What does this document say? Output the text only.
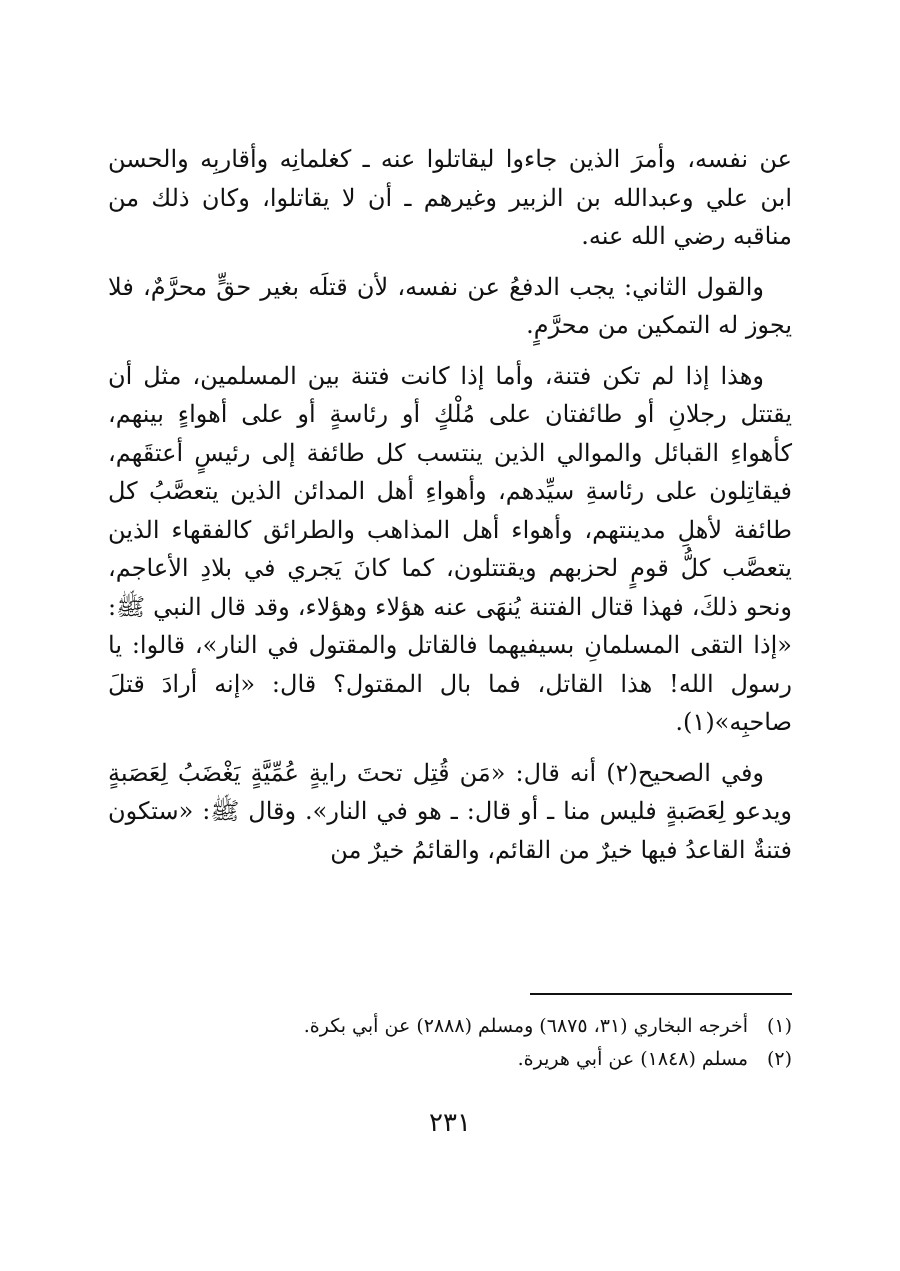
عن نفسه، وأمرَ الذين جاءوا ليقاتلوا عنه ـ كغلمانِه وأقاربِه والحسن ابن علي وعبدالله بن الزبير وغيرهم ـ أن لا يقاتلوا، وكان ذلك من مناقبه رضي الله عنه.

والقول الثاني: يجب الدفعُ عن نفسه، لأن قتلَه بغير حقٍّ محرَّمٌ، فلا يجوز له التمكين من محرَّمٍ.

وهذا إذا لم تكن فتنة، وأما إذا كانت فتنة بين المسلمين، مثل أن يقتتل رجلانِ أو طائفتان على مُلْكٍ أو رئاسةٍ أو على أهواءٍ بينهم، كأهواءِ القبائل والموالي الذين ينتسب كل طائفة إلى رئيسٍ أعتقَهم، فيقاتِلون على رئاسةِ سيِّدهم، وأهواءِ أهل المدائن الذين يتعصَّبُ كل طائفة لأهلِ مدينتهم، وأهواء أهل المذاهب والطرائق كالفقهاء الذين يتعصَّب كلُّ قومٍ لحزبهم ويقتتلون، كما كانَ يَجري في بلادِ الأعاجم، ونحو ذلكَ، فهذا قتال الفتنة يُنهَى عنه هؤلاء وهؤلاء، وقد قال النبي ﷺ: «إذا التقى المسلمانِ بسيفيهما فالقاتل والمقتول في النار»، قالوا: يا رسول الله! هذا القاتل، فما بال المقتول؟ قال: «إنه أرادَ قتلَ صاحبِه»(١).

وفي الصحيح(٢) أنه قال: «مَن قُتِل تحتَ رايةٍ عُمِّيَّةٍ يَغْضَبُ لِعَصَبةٍ ويدعو لِعَصَبةٍ فليس منا ـ أو قال: ـ هو في النار». وقال ﷺ: «ستكون فتنةٌ القاعدُ فيها خيرٌ من القائم، والقائمُ خيرٌ من

(١)أخرجه البخاري (٣١، ٦٨٧٥) ومسلم (٢٨٨٨) عن أبي بكرة.
(٢)مسلم (١٨٤٨) عن أبي هريرة.
٢٣١
